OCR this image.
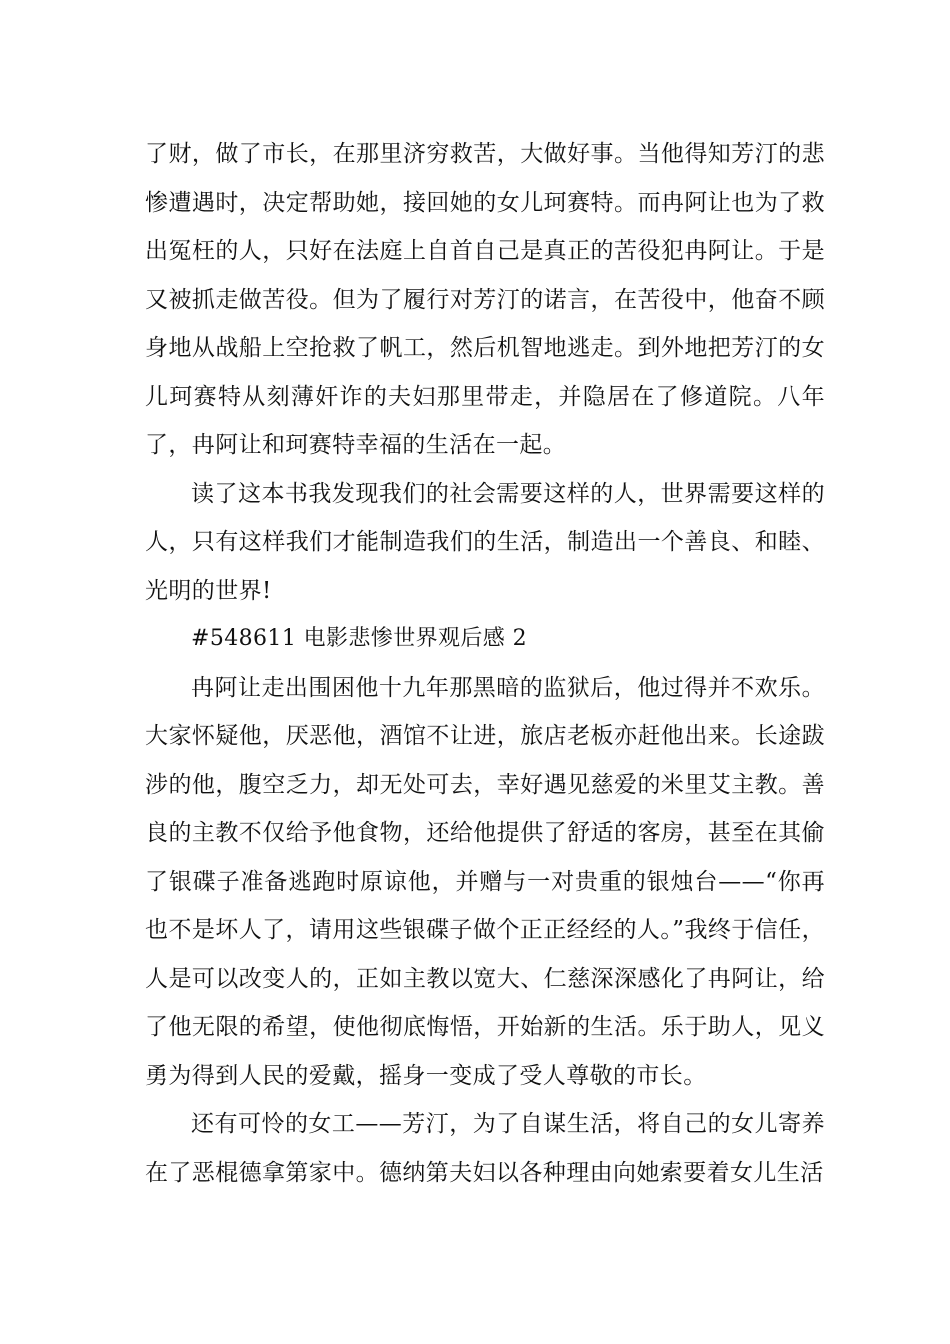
了财，做了市长，在那里济穷救苦，大做好事。当他得知芳汀的悲惨遭遇时，决定帮助她，接回她的女儿珂赛特。而冉阿让也为了救出冤枉的人，只好在法庭上自首自己是真正的苦役犯冉阿让。于是又被抓走做苦役。但为了履行对芳汀的诺言，在苦役中，他奋不顾身地从战船上空抢救了帆工，然后机智地逃走。到外地把芳汀的女儿珂赛特从刻薄奸诈的夫妇那里带走，并隐居在了修道院。八年了，冉阿让和珂赛特幸福的生活在一起。

读了这本书我发现我们的社会需要这样的人，世界需要这样的人，只有这样我们才能制造我们的生活，制造出一个善良、和睦、光明的世界!

#548611 电影悲惨世界观后感 2

冉阿让走出围困他十九年那黑暗的监狱后，他过得并不欢乐。大家怀疑他，厌恶他，酒馆不让进，旅店老板亦赶他出来。长途跋涉的他，腹空乏力，却无处可去，幸好遇见慈爱的米里艾主教。善良的主教不仅给予他食物，还给他提供了舒适的客房，甚至在其偷了银碟子准备逃跑时原谅他，并赠与一对贵重的银烛台——“你再也不是坏人了，请用这些银碟子做个正正经经的人。”我终于信任，人是可以改变人的，正如主教以宽大、仁慈深深感化了冉阿让，给了他无限的希望，使他彻底悔悟，开始新的生活。乐于助人，见义勇为得到人民的爱戴，摇身一变成了受人尊敬的市长。

还有可怜的女工——芳汀，为了自谋生活，将自己的女儿寄养在了恶棍德拿第家中。德纳第夫妇以各种理由向她索要着女儿生活
